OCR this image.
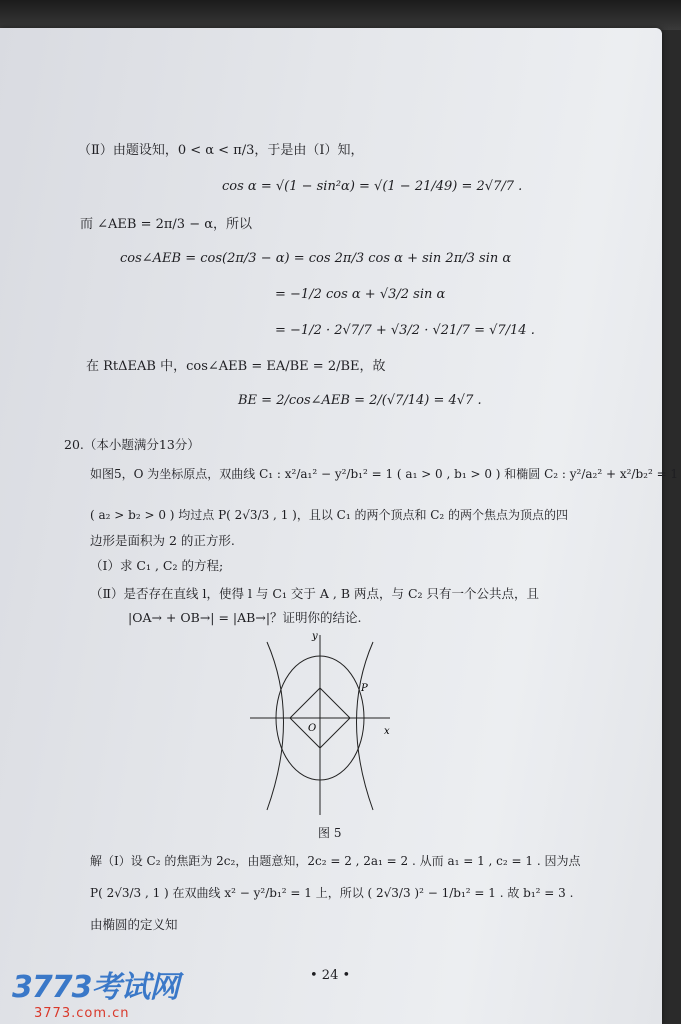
（Ⅱ）由题设知，0 < α < π/3，于是由（Ⅰ）知，
cos α = √(1 − sin²α) = √(1 − 21/49) = 2√7/7 .
而 ∠AEB = 2π/3 − α，所以
cos∠AEB = cos(2π/3 − α) = cos 2π/3 cos α + sin 2π/3 sin α
= −1/2 cos α + √3/2 sin α
= −1/2 · 2√7/7 + √3/2 · √21/7 = √7/14 .
在 RtΔEAB 中，cos∠AEB = EA/BE = 2/BE，故
BE = 2/cos∠AEB = 2/(√7/14) = 4√7 .
20.（本小题满分13分）
如图5，O 为坐标原点，双曲线 C₁ : x²/a₁² − y²/b₁² = 1 ( a₁ > 0 , b₁ > 0 ) 和椭圆 C₂ : y²/a₂² + x²/b₂² = 1
( a₂ > b₂ > 0 ) 均过点 P( 2√3/3 , 1 )，且以 C₁ 的两个顶点和 C₂ 的两个焦点为顶点的四
边形是面积为 2 的正方形.
（Ⅰ）求 C₁ , C₂ 的方程;
（Ⅱ）是否存在直线 l，使得 l 与 C₁ 交于 A , B 两点，与 C₂ 只有一个公共点，且
|OA→ + OB→| = |AB→|？证明你的结论.
y
x
O
P
图 5
解（Ⅰ）设 C₂ 的焦距为 2c₂，由题意知，2c₂ = 2 , 2a₁ = 2 . 从而 a₁ = 1 , c₂ = 1 . 因为点
P( 2√3/3 , 1 ) 在双曲线 x² − y²/b₁² = 1 上，所以 ( 2√3/3 )² − 1/b₁² = 1 . 故 b₁² = 3 .
由椭圆的定义知
• 24 •
3773考试网
3773.com.cn
